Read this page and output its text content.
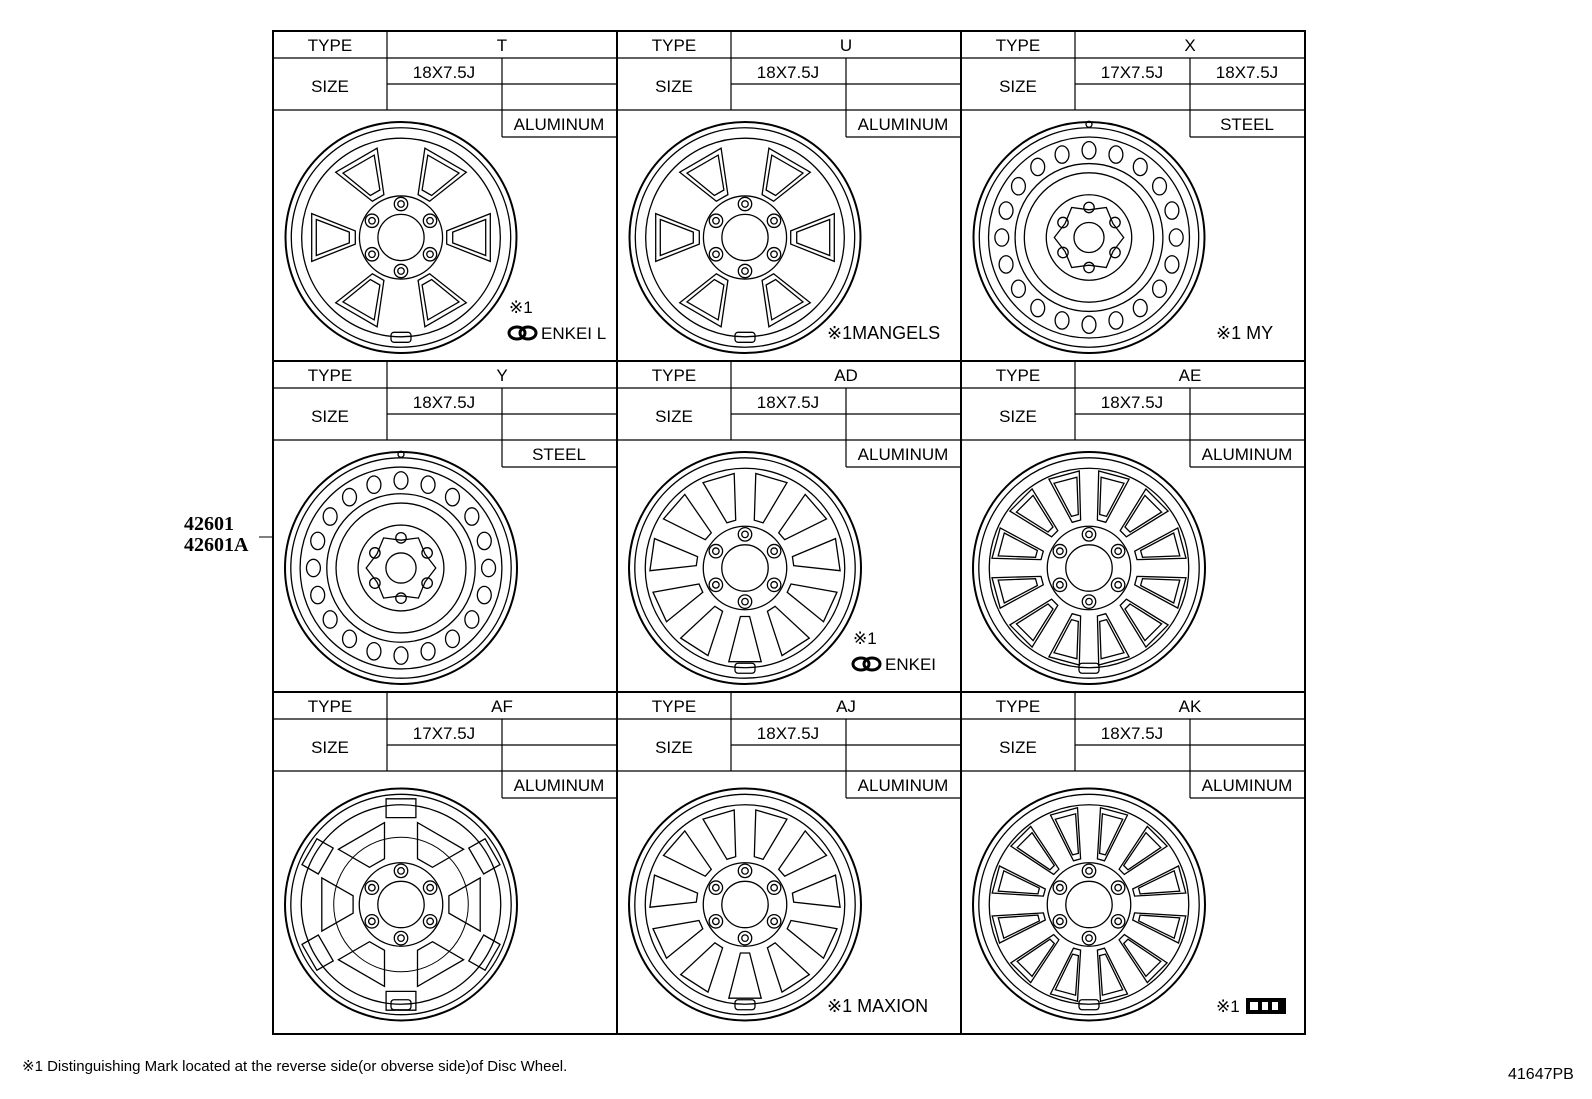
TYPE
SIZE
T
18X7.5J
ALUMINUM
※1
ENKEI L
TYPE
SIZE
U
18X7.5J
ALUMINUM
※1MANGELS
TYPE
SIZE
X
17X7.5J	18X7.5J
STEEL
※1 MY
TYPE
SIZE
Y
18X7.5J
STEEL
TYPE
SIZE
AD
18X7.5J
ALUMINUM
※1
ENKEI
TYPE
SIZE
AE
18X7.5J
ALUMINUM
TYPE
SIZE
AF
17X7.5J
ALUMINUM
TYPE
SIZE
AJ
18X7.5J
ALUMINUM
※1 MAXION
TYPE
SIZE
AK
18X7.5J
ALUMINUM
※1
42601
42601A
※1 Distinguishing Mark located at the reverse side(or obverse side)of Disc Wheel.	41647PB
